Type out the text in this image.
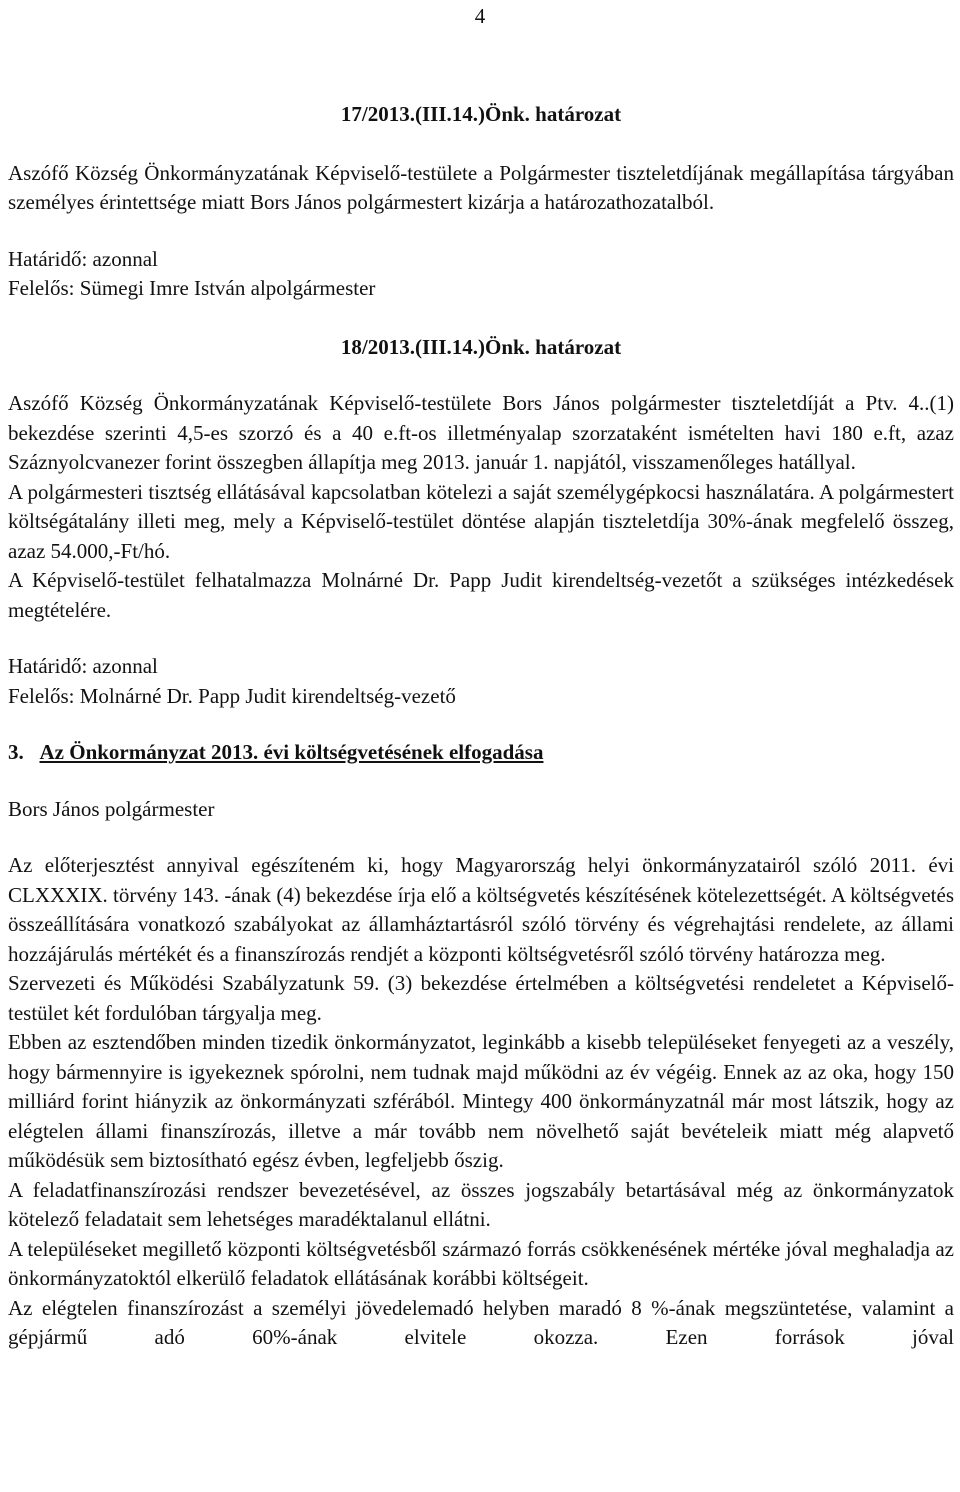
4

17/2013.(III.14.)Önk. határozat

Aszófő Község Önkormányzatának Képviselő-testülete a Polgármester tiszteletdíjának megállapítása tárgyában személyes érintettsége miatt Bors János polgármestert kizárja a határozathozatalból.

Határidő: azonnal

Felelős: Sümegi Imre István alpolgármester

18/2013.(III.14.)Önk. határozat

Aszófő Község Önkormányzatának Képviselő-testülete Bors János polgármester tiszteletdíját a Ptv. 4..(1) bekezdése szerinti 4,5-es szorzó és a 40 e.ft-os illetményalap szorzataként ismételten havi 180 e.ft, azaz Száznyolcvanezer forint összegben állapítja meg 2013. január 1. napjától, visszamenőleges hatállyal.

A polgármesteri tisztség ellátásával kapcsolatban kötelezi a saját személygépkocsi használatára. A polgármestert költségátalány illeti meg, mely a Képviselő-testület döntése alapján tiszteletdíja 30%-ának megfelelő összeg, azaz 54.000,-Ft/hó.

A Képviselő-testület felhatalmazza Molnárné Dr. Papp Judit kirendeltség-vezetőt a szükséges intézkedések megtételére.

Határidő: azonnal

Felelős: Molnárné Dr. Papp Judit kirendeltség-vezető

3. Az Önkormányzat 2013. évi költségvetésének elfogadása

Bors János polgármester

Az előterjesztést annyival egészíteném ki, hogy Magyarország helyi önkormányzatairól szóló 2011. évi CLXXXIX. törvény 143. -ának (4) bekezdése írja elő a költségvetés készítésének kötelezettségét. A költségvetés összeállítására vonatkozó szabályokat az államháztartásról szóló törvény és végrehajtási rendelete, az állami hozzájárulás mértékét és a finanszírozás rendjét a központi költségvetésről szóló törvény határozza meg.

Szervezeti és Működési Szabályzatunk 59. (3) bekezdése értelmében a költségvetési rendeletet a Képviselő-testület két fordulóban tárgyalja meg.

Ebben az esztendőben minden tizedik önkormányzatot, leginkább a kisebb településeket fenyegeti az a veszély, hogy bármennyire is igyekeznek spórolni, nem tudnak majd működni az év végéig. Ennek az az oka, hogy 150 milliárd forint hiányzik az önkormányzati szférából. Mintegy 400 önkormányzatnál már most látszik, hogy az elégtelen állami finanszírozás, illetve a már tovább nem növelhető saját bevételeik miatt még alapvető működésük sem biztosítható egész évben, legfeljebb őszig.

A feladatfinanszírozási rendszer bevezetésével, az összes jogszabály betartásával még az önkormányzatok kötelező feladatait sem lehetséges maradéktalanul ellátni.

A településeket megillető központi költségvetésből származó forrás csökkenésének mértéke jóval meghaladja az önkormányzatoktól elkerülő feladatok ellátásának korábbi költségeit.

Az elégtelen finanszírozást a személyi jövedelemadó helyben maradó 8 %-ának megszüntetése, valamint a gépjármű adó 60%-ának elvitele okozza. Ezen források jóval
